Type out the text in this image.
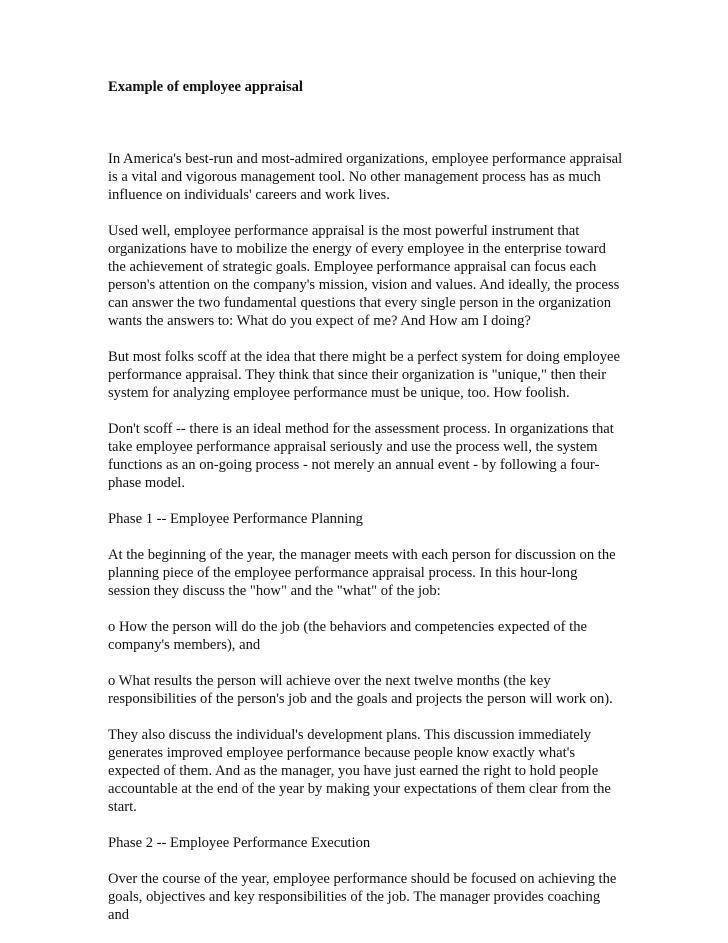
Example of employee appraisal

In America's best-run and most-admired organizations, employee performance appraisal is a vital and vigorous management tool. No other management process has as much influence on individuals' careers and work lives.

Used well, employee performance appraisal is the most powerful instrument that organizations have to mobilize the energy of every employee in the enterprise toward the achievement of strategic goals. Employee performance appraisal can focus each person's attention on the company's mission, vision and values. And ideally, the process can answer the two fundamental questions that every single person in the organization wants the answers to: What do you expect of me? And How am I doing?

But most folks scoff at the idea that there might be a perfect system for doing employee performance appraisal. They think that since their organization is "unique," then their system for analyzing employee performance must be unique, too. How foolish.

Don't scoff -- there is an ideal method for the assessment process. In organizations that take employee performance appraisal seriously and use the process well, the system functions as an on-going process - not merely an annual event - by following a four-phase model.

Phase 1 -- Employee Performance Planning

At the beginning of the year, the manager meets with each person for discussion on the planning piece of the employee performance appraisal process. In this hour-long session they discuss the "how" and the "what" of the job:

o How the person will do the job (the behaviors and competencies expected of the company's members), and

o What results the person will achieve over the next twelve months (the key responsibilities of the person's job and the goals and projects the person will work on).

They also discuss the individual's development plans. This discussion immediately generates improved employee performance because people know exactly what's expected of them. And as the manager, you have just earned the right to hold people accountable at the end of the year by making your expectations of them clear from the start.

Phase 2 -- Employee Performance Execution

Over the course of the year, employee performance should be focused on achieving the goals, objectives and key responsibilities of the job. The manager provides coaching and
